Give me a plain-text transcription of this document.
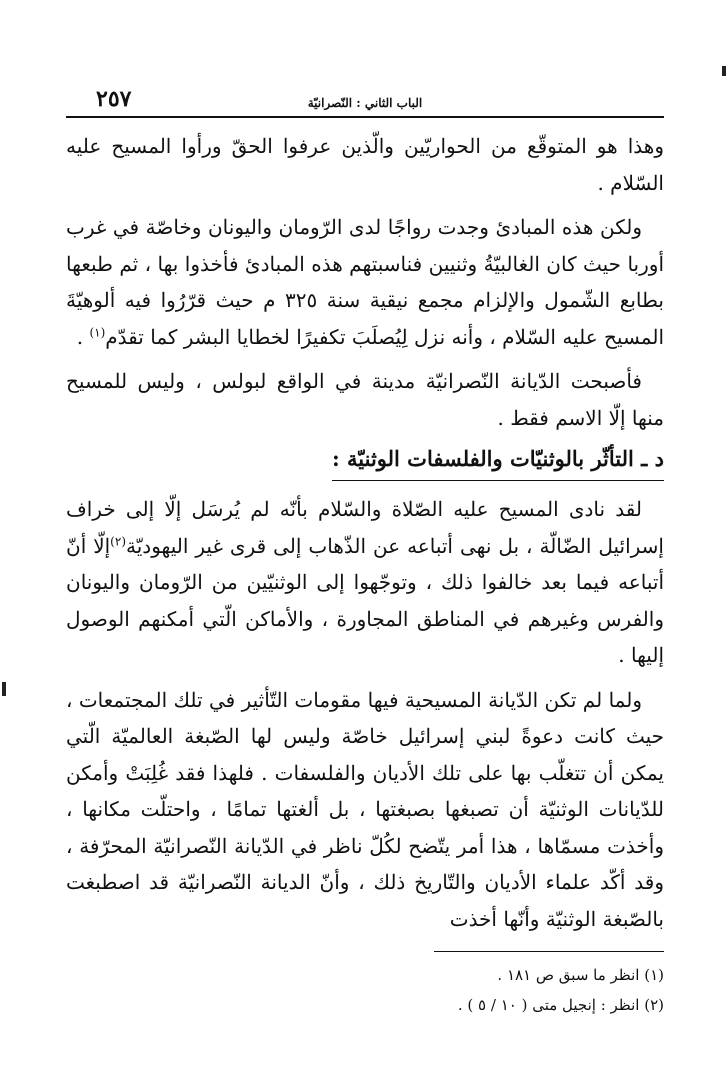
الباب الثاني : النّصرانيّة
٢٥٧

وهذا هو المتوقّع من الحواريّين والّذين عرفوا الحقّ ورأوا المسيح عليه السّلام .

ولكن هذه المبادئ وجدت رواجًا لدى الرّومان واليونان وخاصّة في غرب أوربا حيث كان الغالبيّةُ وثنيين فناسبتهم هذه المبادئ فأخذوا بها ، ثم طبعها بطابع الشّمول والإلزام مجمع نيقية سنة ٣٢٥ م حيث قرّرُوا فيه ألوهيّةَ المسيح عليه السّلام ، وأنه نزل لِيُصلَبَ تكفيرًا لخطايا البشر كما تقدّم$^{(١)}$ .

فأصبحت الدّيانة النّصرانيّة مدينة في الواقع لبولس ، وليس للمسيح منها إلّا الاسم فقط .

د ـ التأثّر بالوثنيّات والفلسفات الوثنيّة :

لقد نادى المسيح عليه الصّلاة والسّلام بأنّه لم يُرسَل إلّا إلى خراف إسرائيل الضّالّة ، بل نهى أتباعه عن الذّهاب إلى قرى غير اليهوديّة$^{(٢)}$إلّا أنّ أتباعه فيما بعد خالفوا ذلك ، وتوجّهوا إلى الوثنيّين من الرّومان واليونان والفرس وغيرهم في المناطق المجاورة ، والأماكن الّتي أمكنهم الوصول إليها .

ولما لم تكن الدّيانة المسيحية فيها مقومات التّأثير في تلك المجتمعات ، حيث كانت دعوةً لبني إسرائيل خاصّة وليس لها الصّبغة العالميّة الّتي يمكن أن تتغلّب بها على تلك الأديان والفلسفات . فلهذا فقد غُلِبَتْ وأمكن للدّيانات الوثنيّة أن تصبغها بصبغتها ، بل ألغتها تمامًا ، واحتلّت مكانها ، وأخذت مسمّاها ، هذا أمر يتّضح لكُلّ ناظر في الدّيانة النّصرانيّة المحرّفة ، وقد أكّد علماء الأديان والتّاريخ ذلك ، وأنّ الديانة النّصرانيّة قد اصطبغت بالصّبغة الوثنيّة وأنّها أخذت

(١) انظر ما سبق ص ١٨١ .

(٢) انظر : إنجيل متى ( ١٠ / ٥ ) .
